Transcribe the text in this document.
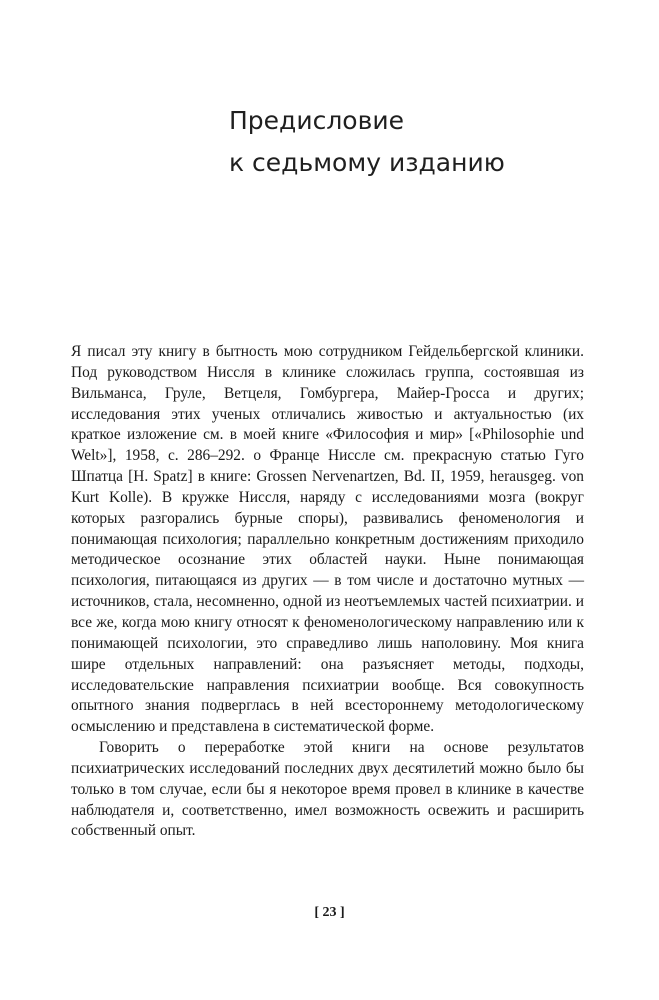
Предисловие
к седьмому изданию

Я писал эту книгу в бытность мою сотрудником Гейдельбергской клиники. Под руководством Ниссля в клинике сложилась группа, состоявшая из Вильманса, Груле, Ветцеля, Гомбургера, Майер-Гросса и других; исследования этих ученых отличались живостью и актуальностью (их краткое изложение см. в моей книге «Философия и мир» [«Philosophie und Welt»], 1958, с. 286–292. о Франце Ниссле см. прекрасную статью Гуго Шпатца [H. Spatz] в книге: Grossen Nervenartzen, Bd. II, 1959, herausgeg. von Kurt Kolle). В кружке Ниссля, наряду с исследованиями мозга (вокруг которых разгорались бурные споры), развивались феноменология и понимающая психология; параллельно конкретным достижениям приходило методическое осознание этих областей науки. Ныне понимающая психология, питающаяся из других — в том числе и достаточно мутных — источников, стала, несомненно, одной из неотъемлемых частей психиатрии. и все же, когда мою книгу относят к феноменологическому направлению или к понимающей психологии, это справедливо лишь наполовину. Моя книга шире отдельных направлений: она разъясняет методы, подходы, исследовательские направления психиатрии вообще. Вся совокупность опытного знания подверглась в ней всестороннему методологическому осмыслению и представлена в систематической форме.

Говорить о переработке этой книги на основе результатов психиатрических исследований последних двух десятилетий можно было бы только в том случае, если бы я некоторое время провел в клинике в качестве наблюдателя и, соответственно, имел возможность освежить и расширить собственный опыт.

[ 23 ]
